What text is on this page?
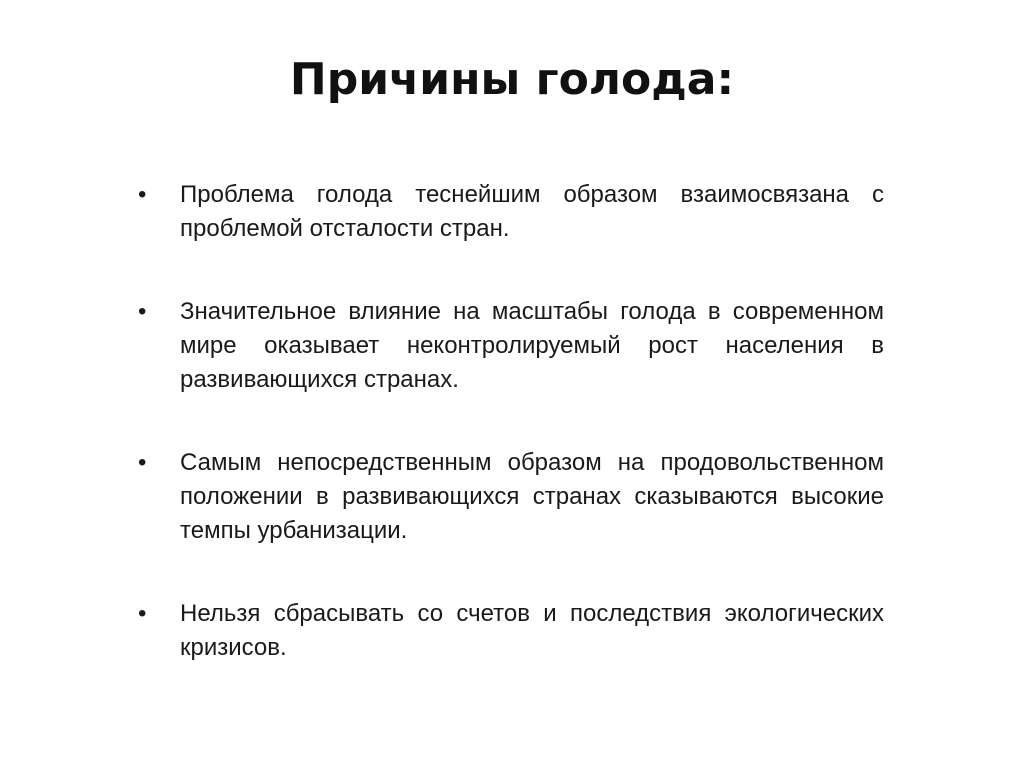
Причины голода:
•	Проблема голода теснейшим образом взаимосвязана с проблемой отсталости стран.
•	Значительное влияние на масштабы голода в современном мире оказывает неконтролируемый рост населения в развивающихся странах.
•	Самым непосредственным образом на продовольственном положении в развивающихся странах сказываются высокие темпы урбанизации.
•	Нельзя сбрасывать со счетов и последствия экологических кризисов.
